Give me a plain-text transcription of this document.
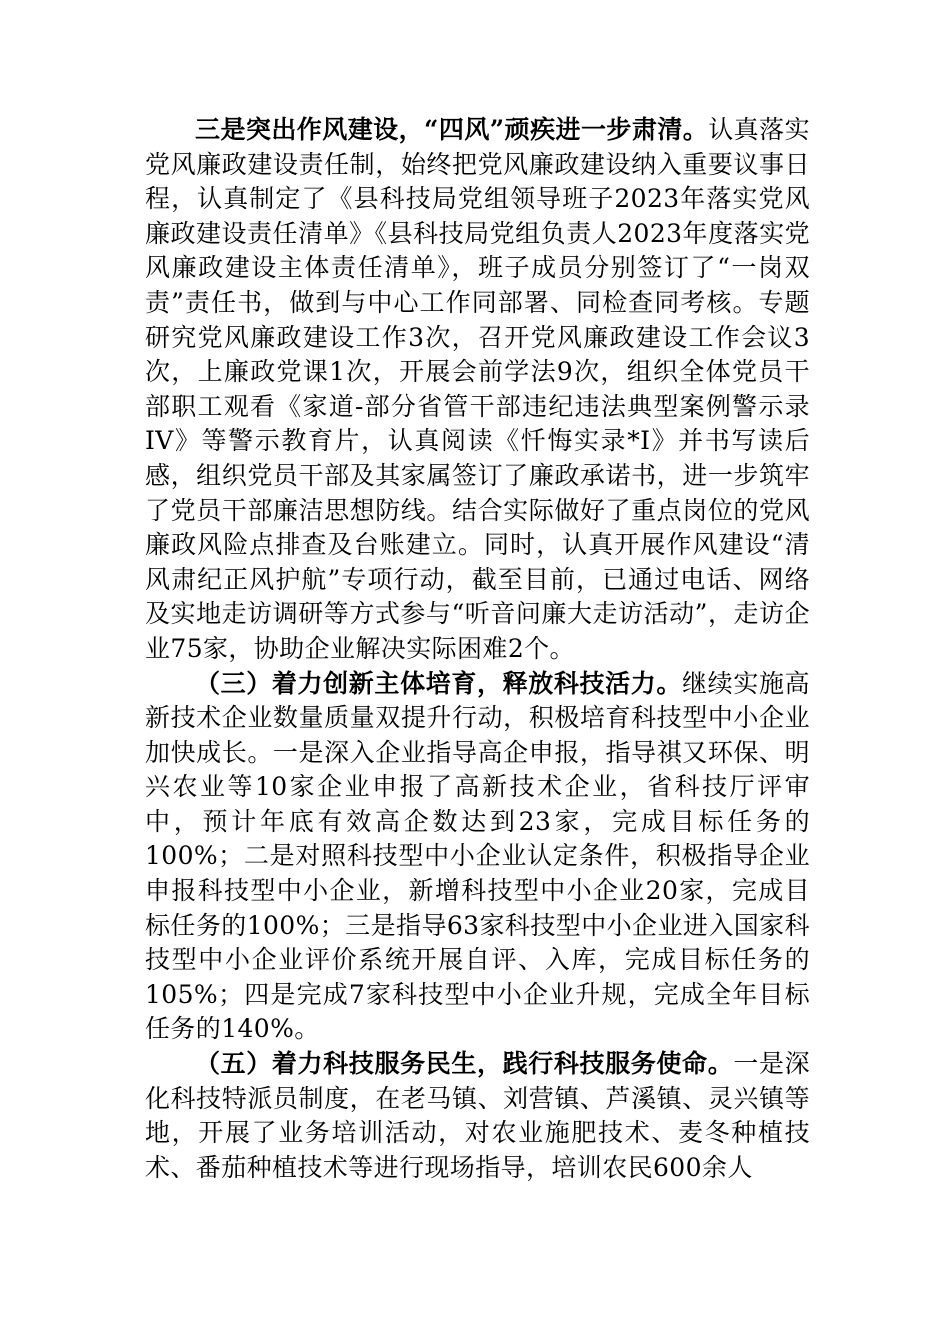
三是突出作风建设，“四风”顽疾进一步肃清。认真落实党风廉政建设责任制，始终把党风廉政建设纳入重要议事日程，认真制定了《县科技局党组领导班子2023年落实党风廉政建设责任清单》《县科技局党组负责人2023年度落实党风廉政建设主体责任清单》，班子成员分别签订了“一岗双责”责任书，做到与中心工作同部署、同检查同考核。专题研究党风廉政建设工作3次，召开党风廉政建设工作会议3次，上廉政党课1次，开展会前学法9次，组织全体党员干部职工观看《家道-部分省管干部违纪违法典型案例警示录IV》等警示教育片，认真阅读《忏悔实录*I》并书写读后感，组织党员干部及其家属签订了廉政承诺书，进一步筑牢了党员干部廉洁思想防线。结合实际做好了重点岗位的党风廉政风险点排查及台账建立。同时，认真开展作风建设“清风肃纪正风护航”专项行动，截至目前，已通过电话、网络及实地走访调研等方式参与“听音问廉大走访活动”，走访企业75家，协助企业解决实际困难2个。

（三）着力创新主体培育，释放科技活力。继续实施高新技术企业数量质量双提升行动，积极培育科技型中小企业加快成长。一是深入企业指导高企申报，指导祺又环保、明兴农业等10家企业申报了高新技术企业，省科技厅评审中，预计年底有效高企数达到23家，完成目标任务的100%；二是对照科技型中小企业认定条件，积极指导企业申报科技型中小企业，新增科技型中小企业20家，完成目标任务的100%；三是指导63家科技型中小企业进入国家科技型中小企业评价系统开展自评、入库，完成目标任务的105%；四是完成7家科技型中小企业升规，完成全年目标任务的140%。

（五）着力科技服务民生，践行科技服务使命。一是深化科技特派员制度，在老马镇、刘营镇、芦溪镇、灵兴镇等地，开展了业务培训活动，对农业施肥技术、麦冬种植技术、番茄种植技术等进行现场指导，培训农民600余人
